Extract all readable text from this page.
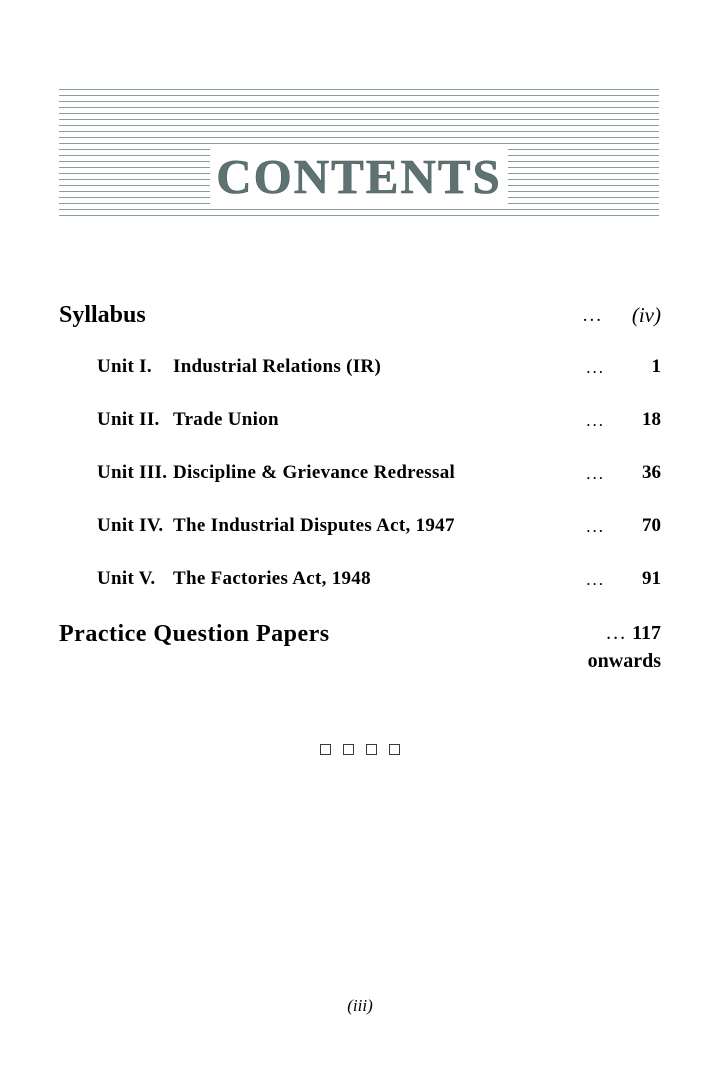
CONTENTS
Syllabus	...	(iv)
Unit I. Industrial Relations (IR)	...	1
Unit II. Trade Union	...	18
Unit III. Discipline & Grievance Redressal	...	36
Unit IV. The Industrial Disputes Act, 1947	...	70
Unit V. The Factories Act, 1948	...	91
Practice Question Papers	... 117
onwards

(iii)
